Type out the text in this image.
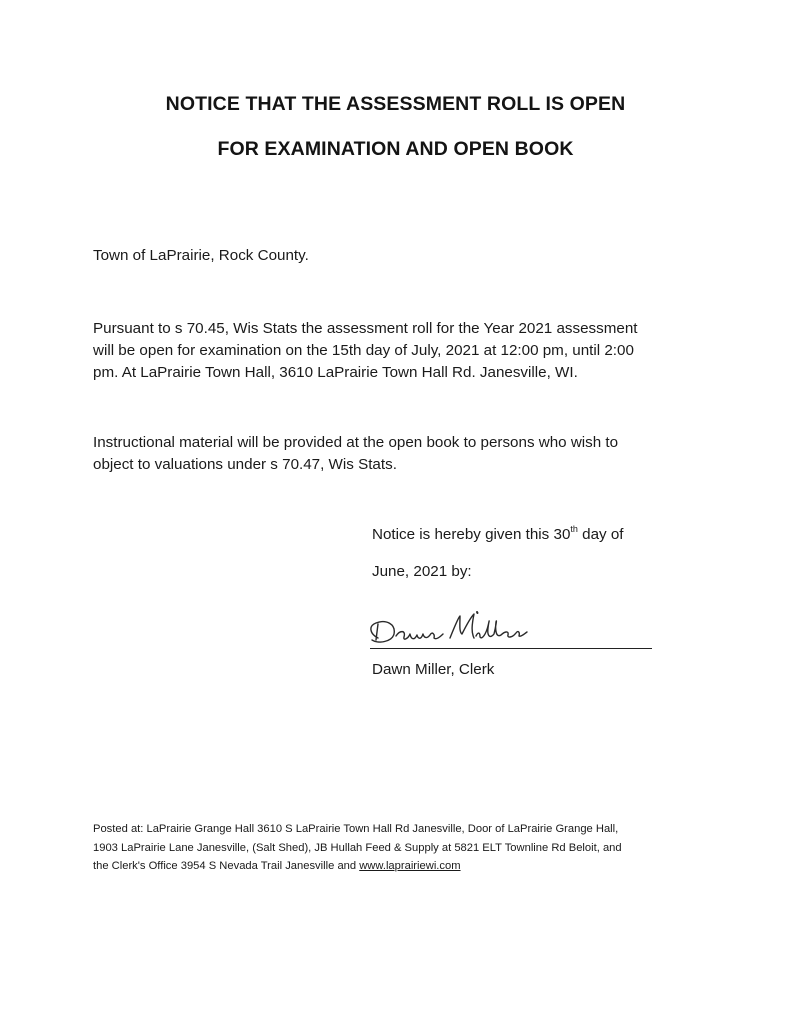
NOTICE THAT THE ASSESSMENT ROLL IS OPEN
FOR EXAMINATION AND OPEN BOOK
Town of LaPrairie, Rock County.
Pursuant to s 70.45, Wis Stats the assessment roll for the Year 2021 assessment
will be open for examination on the 15th day of July, 2021 at 12:00 pm, until 2:00
pm. At LaPrairie Town Hall, 3610 LaPrairie Town Hall Rd. Janesville, WI.
Instructional material will be provided at the open book to persons who wish to
object to valuations under s 70.47, Wis Stats.
Notice is hereby given this 30th day of
June, 2021 by:
Dawn Miller, Clerk
Posted at: LaPrairie Grange Hall 3610 S LaPrairie Town Hall Rd Janesville, Door of LaPrairie Grange Hall,
1903 LaPrairie Lane Janesville, (Salt Shed), JB Hullah Feed & Supply at 5821 ELT Townline Rd Beloit, and
the Clerk's Office 3954 S Nevada Trail Janesville and www.laprairiewi.com
